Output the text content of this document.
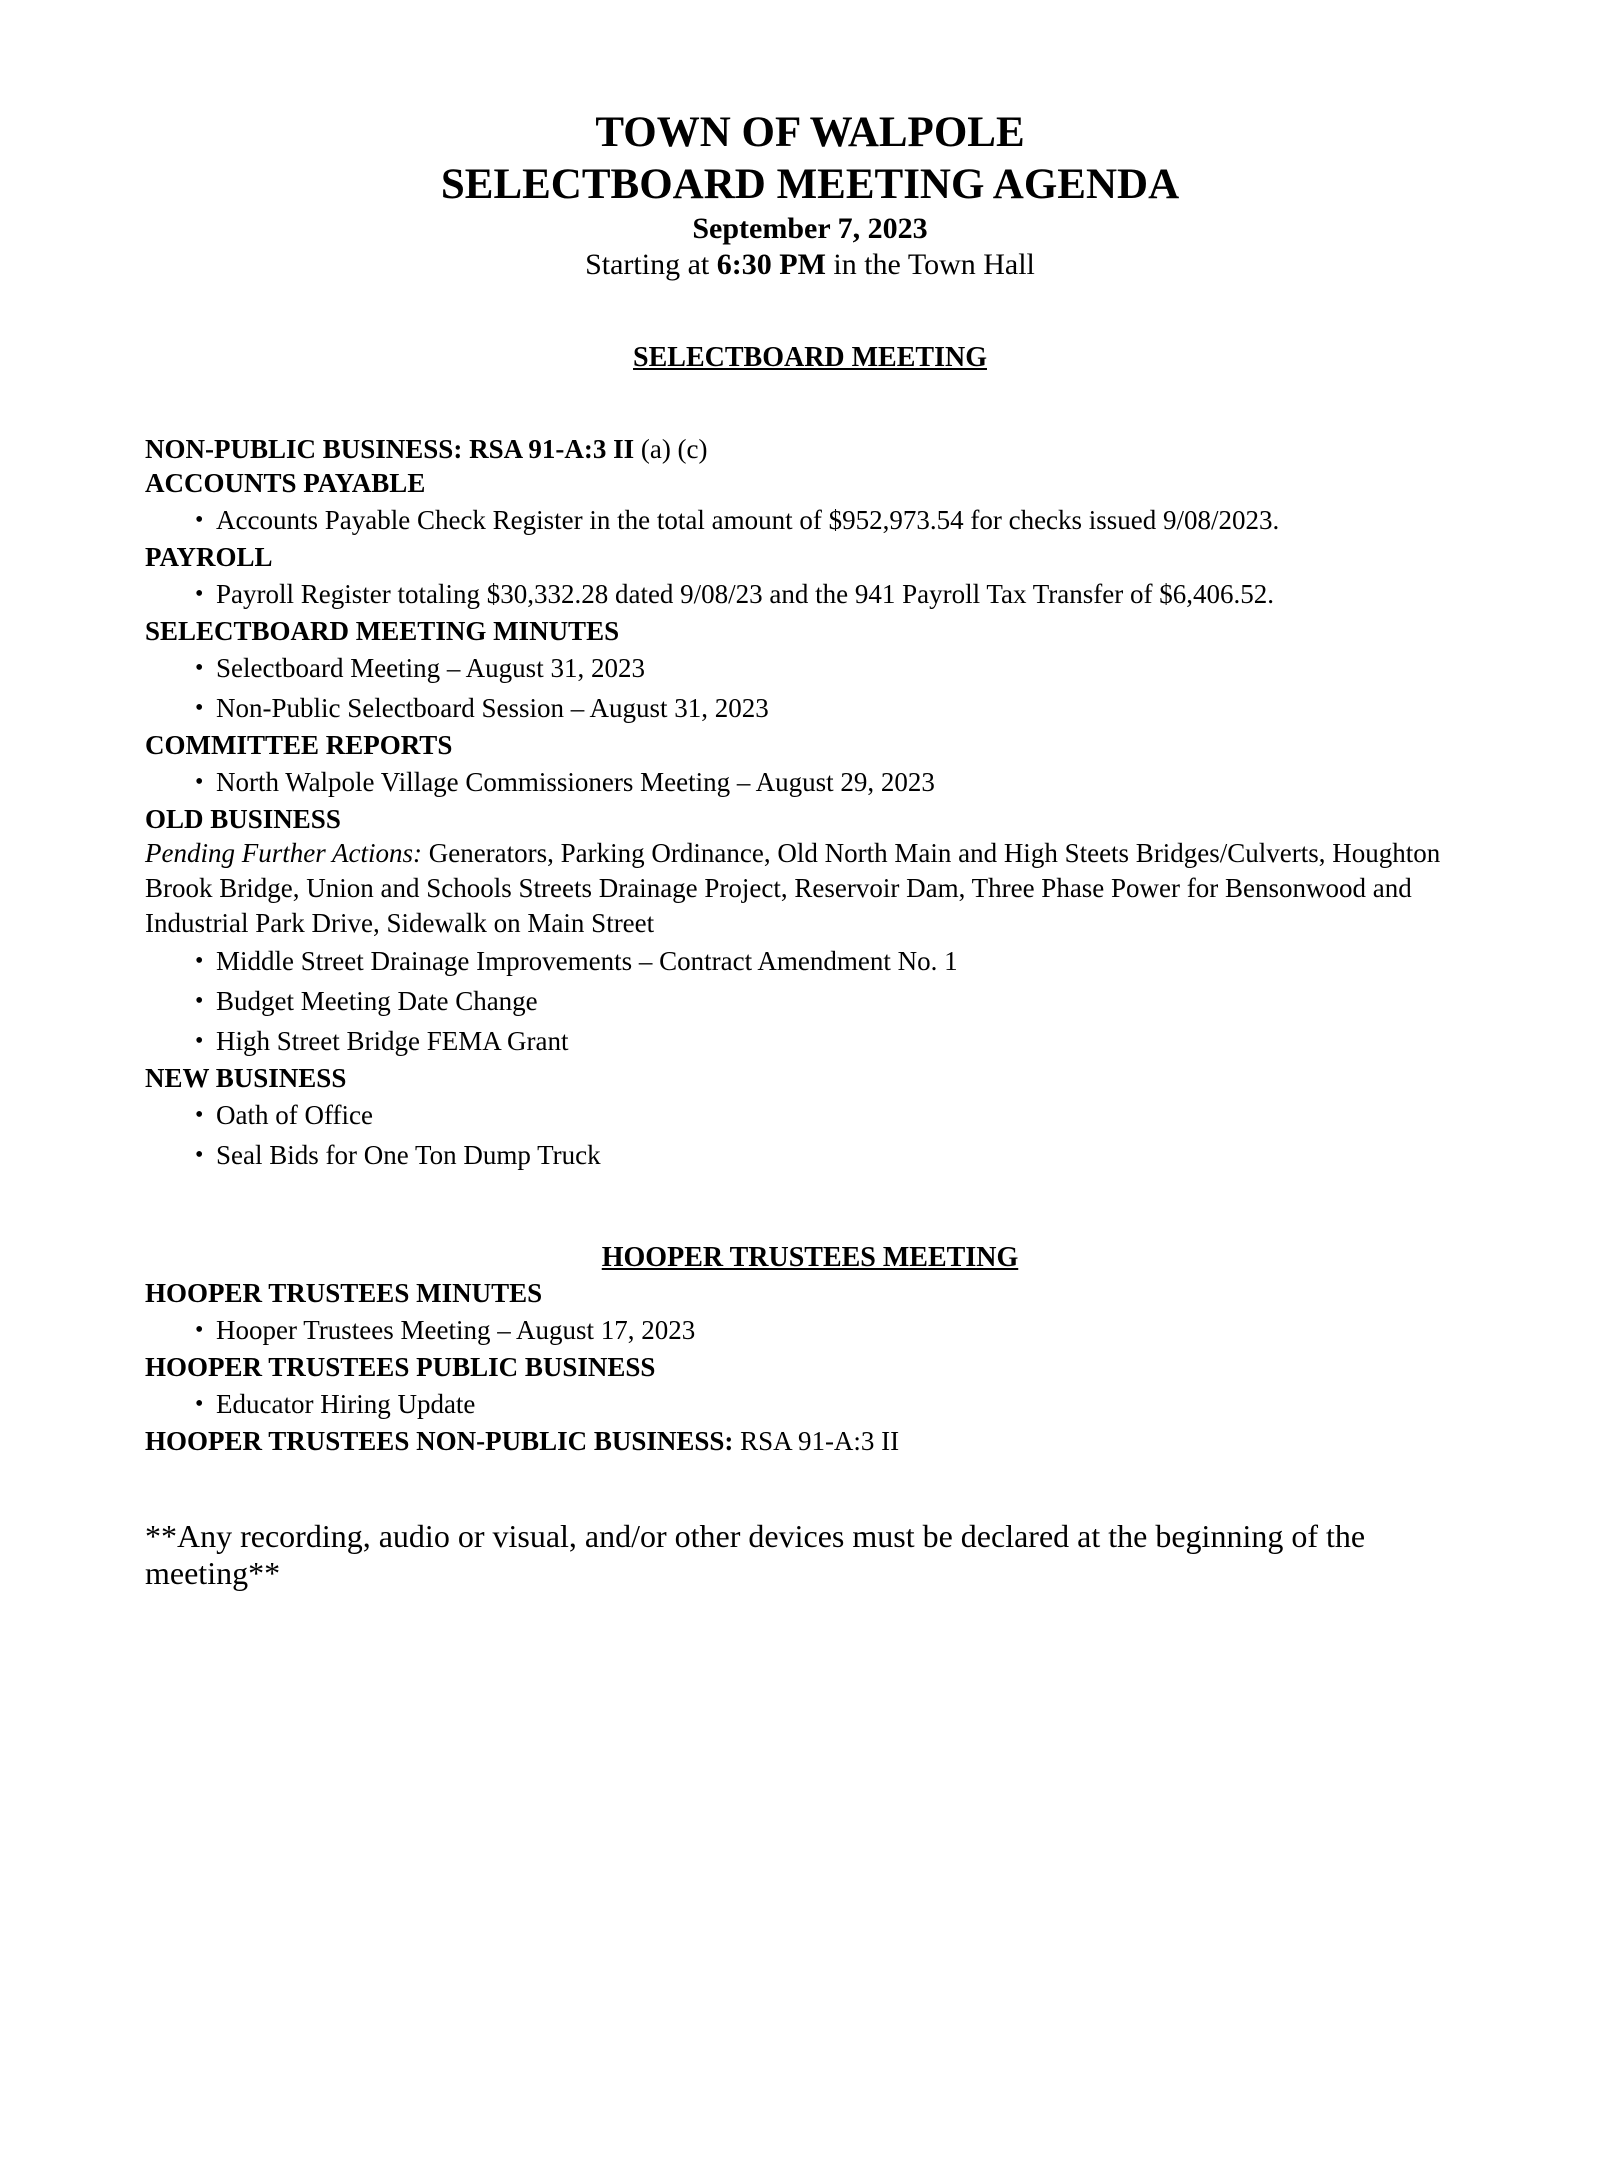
TOWN OF WALPOLE
SELECTBOARD MEETING AGENDA
September 7, 2023
Starting at 6:30 PM in the Town Hall
SELECTBOARD MEETING

NON-PUBLIC BUSINESS: RSA 91-A:3 II (a) (c)

ACCOUNTS PAYABLE

• Accounts Payable Check Register in the total amount of $952,973.54 for checks issued 9/08/2023.

PAYROLL

• Payroll Register totaling $30,332.28 dated 9/08/23 and the 941 Payroll Tax Transfer of $6,406.52.

SELECTBOARD MEETING MINUTES

• Selectboard Meeting – August 31, 2023
• Non-Public Selectboard Session – August 31, 2023

COMMITTEE REPORTS

• North Walpole Village Commissioners Meeting – August 29, 2023

OLD BUSINESS

Pending Further Actions: Generators, Parking Ordinance, Old North Main and High Steets Bridges/Culverts, Houghton Brook Bridge, Union and Schools Streets Drainage Project, Reservoir Dam, Three Phase Power for Bensonwood and Industrial Park Drive, Sidewalk on Main Street

• Middle Street Drainage Improvements – Contract Amendment No. 1
• Budget Meeting Date Change
• High Street Bridge FEMA Grant

NEW BUSINESS

• Oath of Office
• Seal Bids for One Ton Dump Truck
HOOPER TRUSTEES MEETING

HOOPER TRUSTEES MINUTES

• Hooper Trustees Meeting – August 17, 2023

HOOPER TRUSTEES PUBLIC BUSINESS

• Educator Hiring Update

HOOPER TRUSTEES NON-PUBLIC BUSINESS: RSA 91-A:3 II

**Any recording, audio or visual, and/or other devices must be declared at the beginning of the meeting**
